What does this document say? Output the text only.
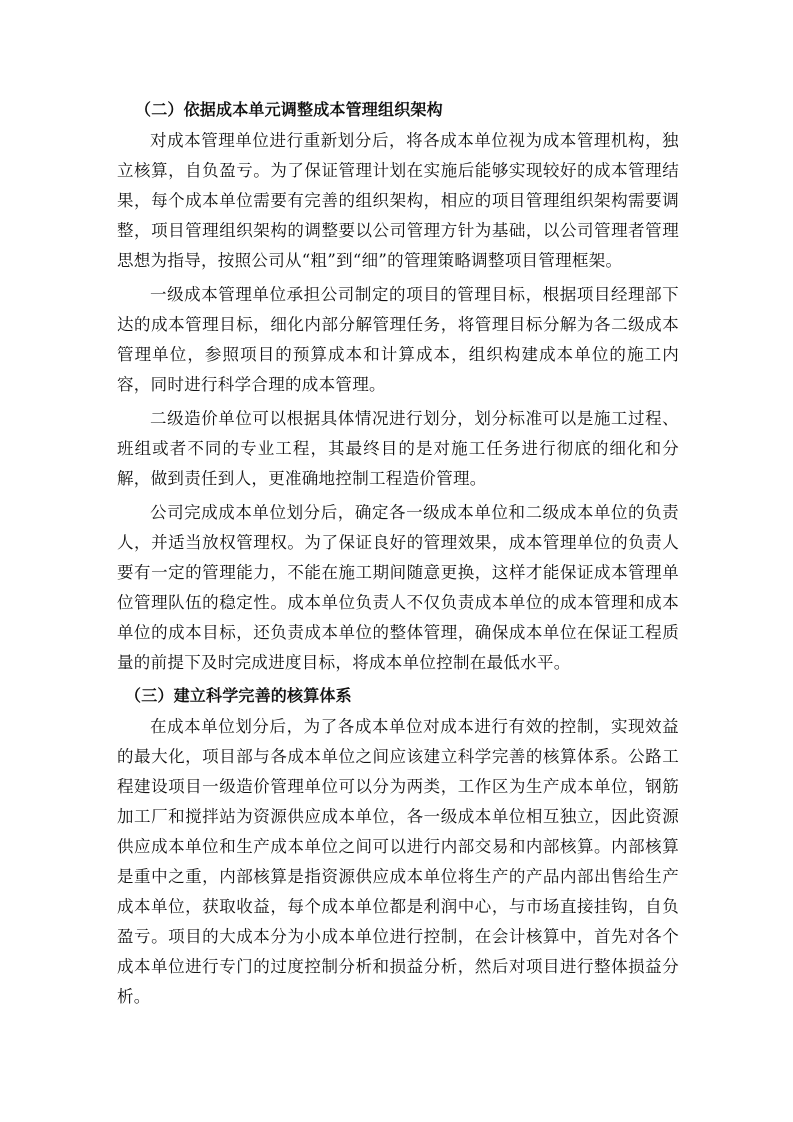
（二）依据成本单元调整成本管理组织架构

对成本管理单位进行重新划分后，将各成本单位视为成本管理机构，独立核算，自负盈亏。为了保证管理计划在实施后能够实现较好的成本管理结果，每个成本单位需要有完善的组织架构，相应的项目管理组织架构需要调整，项目管理组织架构的调整要以公司管理方针为基础，以公司管理者管理思想为指导，按照公司从“粗”到“细”的管理策略调整项目管理框架。

一级成本管理单位承担公司制定的项目的管理目标，根据项目经理部下达的成本管理目标，细化内部分解管理任务，将管理目标分解为各二级成本管理单位，参照项目的预算成本和计算成本，组织构建成本单位的施工内容，同时进行科学合理的成本管理。

二级造价单位可以根据具体情况进行划分，划分标准可以是施工过程、班组或者不同的专业工程，其最终目的是对施工任务进行彻底的细化和分解，做到责任到人，更准确地控制工程造价管理。

公司完成成本单位划分后，确定各一级成本单位和二级成本单位的负责人，并适当放权管理权。为了保证良好的管理效果，成本管理单位的负责人要有一定的管理能力，不能在施工期间随意更换，这样才能保证成本管理单位管理队伍的稳定性。成本单位负责人不仅负责成本单位的成本管理和成本单位的成本目标，还负责成本单位的整体管理，确保成本单位在保证工程质量的前提下及时完成进度目标，将成本单位控制在最低水平。

（三）建立科学完善的核算体系

在成本单位划分后，为了各成本单位对成本进行有效的控制，实现效益的最大化，项目部与各成本单位之间应该建立科学完善的核算体系。公路工程建设项目一级造价管理单位可以分为两类，工作区为生产成本单位，钢筋加工厂和搅拌站为资源供应成本单位，各一级成本单位相互独立，因此资源供应成本单位和生产成本单位之间可以进行内部交易和内部核算。内部核算是重中之重，内部核算是指资源供应成本单位将生产的产品内部出售给生产成本单位，获取收益，每个成本单位都是利润中心，与市场直接挂钩，自负盈亏。项目的大成本分为小成本单位进行控制，在会计核算中，首先对各个成本单位进行专门的过度控制分析和损益分析，然后对项目进行整体损益分析。
